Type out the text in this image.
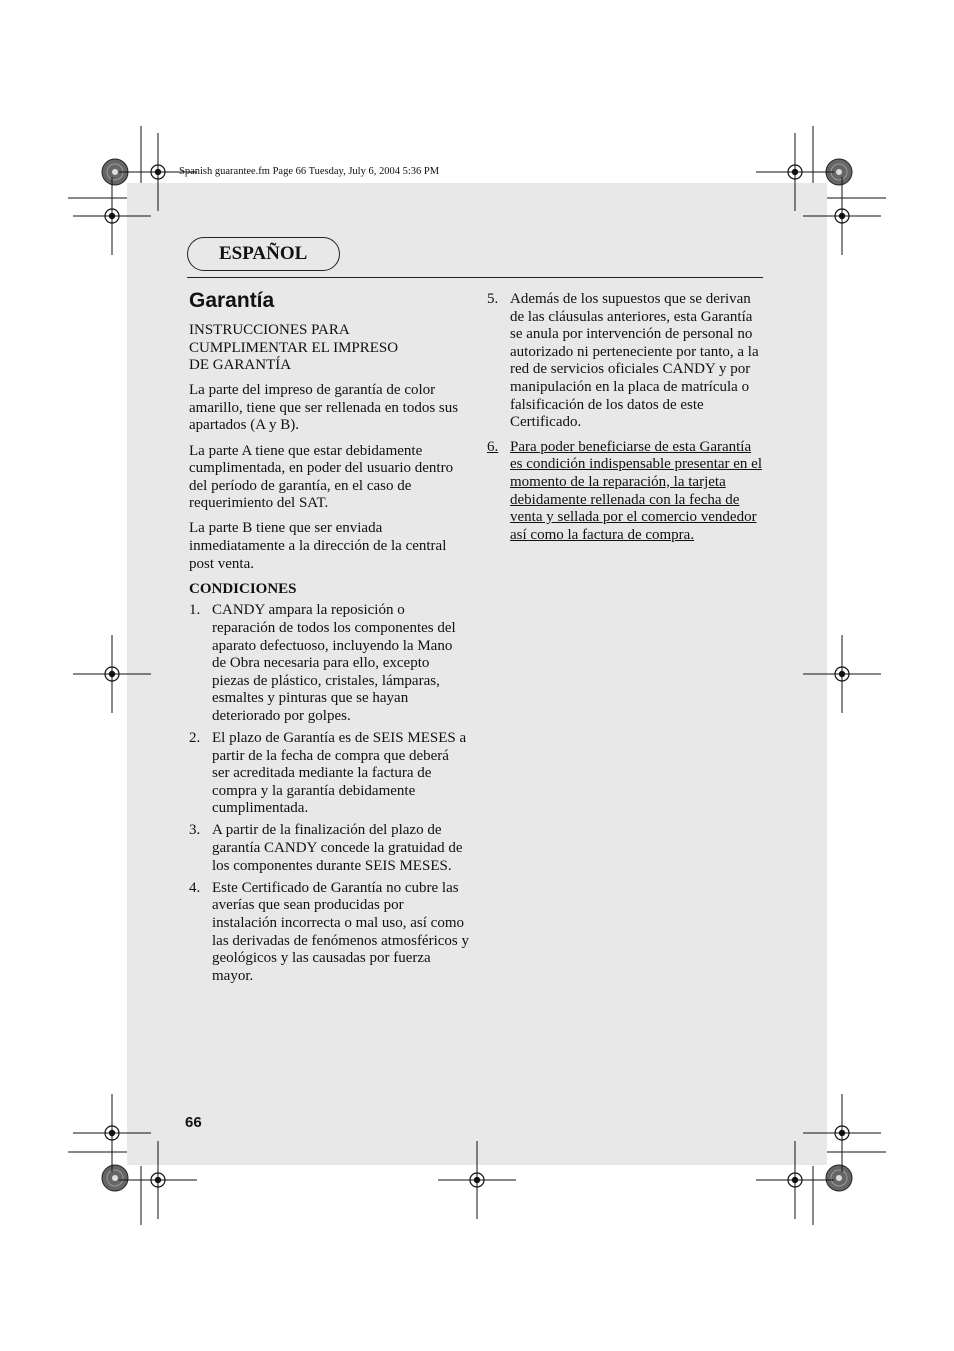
Spanish guarantee.fm Page 66 Tuesday, July 6, 2004 5:36 PM
ESPAÑOL
Garantía

INSTRUCCIONES PARA
CUMPLIMENTAR EL IMPRESO
DE GARANTÍA

La parte del impreso de garantía de color amarillo, tiene que ser rellenada en todos sus apartados (A y B).

La parte A tiene que estar debidamente cumplimentada, en poder del usuario dentro del período de garantía, en el caso de requerimiento del SAT.

La parte B tiene que ser enviada inmediatamente a la dirección de la central post venta.

CONDICIONES

1. CANDY ampara la reposición o reparación de todos los componentes del aparato defectuoso, incluyendo la Mano de Obra necesaria para ello, excepto piezas de plástico, cristales, lámparas, esmaltes y pinturas que se hayan deteriorado por golpes.
2. El plazo de Garantía es de SEIS MESES a partir de la fecha de compra que deberá ser acreditada mediante la factura de compra y la garantía debidamente cumplimentada.
3. A partir de la finalización del plazo de garantía CANDY concede la gratuidad de los componentes durante SEIS MESES.
4. Este Certificado de Garantía no cubre las averías que sean producidas por instalación incorrecta o mal uso, así como las derivadas de fenómenos atmosféricos y geológicos y las causadas por fuerza mayor.
5. Además de los supuestos que se derivan de las cláusulas anteriores, esta Garantía se anula por intervención de personal no autorizado ni perteneciente por tanto, a la red de servicios oficiales CANDY y por manipulación en la placa de matrícula o falsificación de los datos de este Certificado.
6. Para poder beneficiarse de esta Garantía es condición indispensable presentar en el momento de la reparación, la tarjeta debidamente rellenada con la fecha de venta y sellada por el comercio vendedor así como la factura de compra.
66
